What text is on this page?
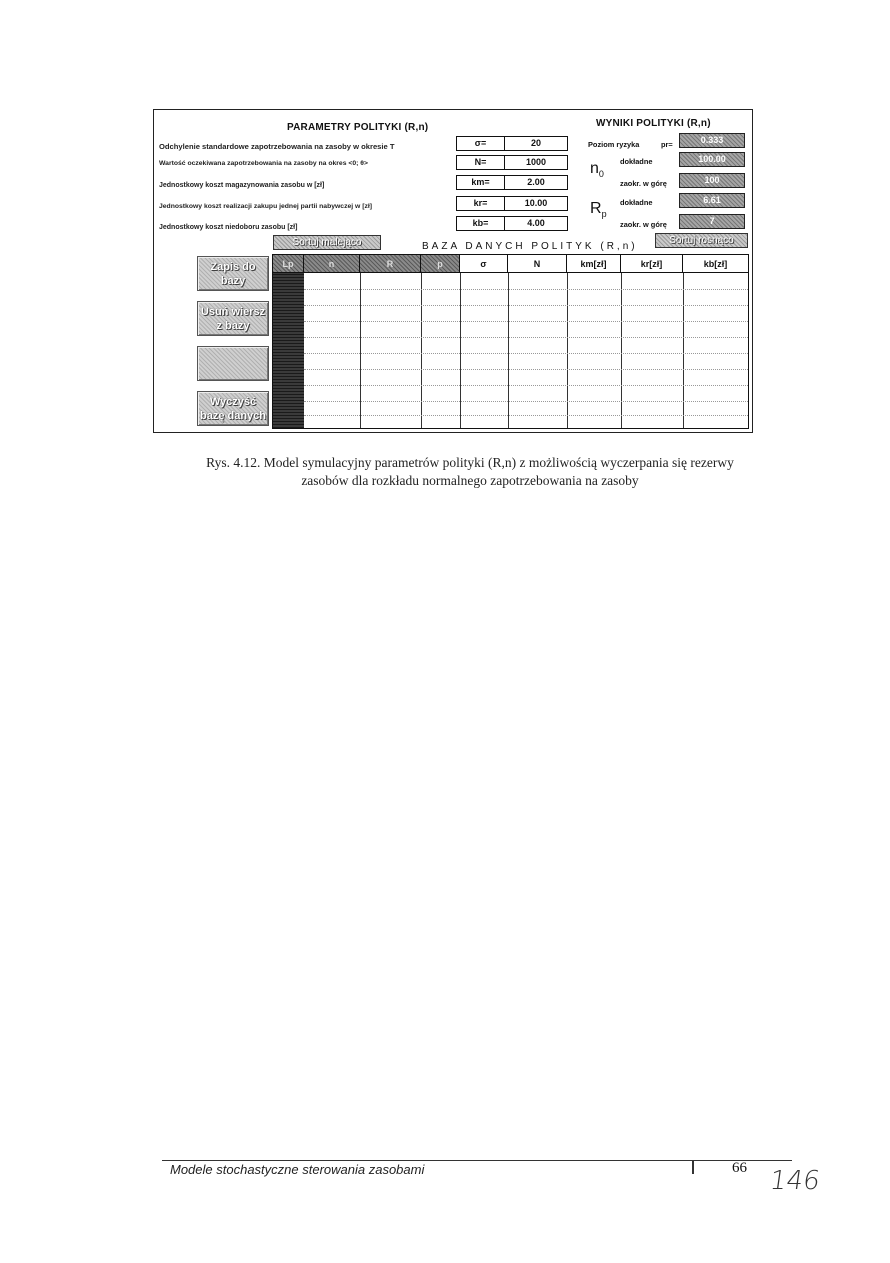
PARAMETRY POLITYKI (R,n)	WYNIKI POLITYKI (R,n)
Odchylenie standardowe zapotrzebowania na zasoby w okresie T	σ=	20
Wartość oczekiwana zapotrzebowania na zasoby na okres <0; θ>	N=	1000
Jednostkowy koszt magazynowania zasobu w [zł]	km=	2.00
Jednostkowy koszt realizacji zakupu jednej partii nabywczej w [zł]	kr=	10.00
Jednostkowy koszt niedoboru zasobu [zł]	kb=	4.00
Poziom ryzyka	pr=	0.333
$n_0$
dokładne	100.00
zaokr. w górę	100
$R_p$
dokładne	6.61
zaokr. w górę	7
Sortuj malejąco	BAZA DANYCH POLITYK (R,n)
Sortuj rosnąco
Zapis do bazy
Usuń wiersz z bazy
Wyczyść bazę danych
Lp	n	R	p	σ	N	km[zł]	kr[zł]	kb[zł]
Rys. 4.12. Model symulacyjny parametrów polityki (R,n) z możliwością wyczerpania się rezerwy
zasobów dla rozkładu normalnego zapotrzebowania na zasoby
Modele stochastyczne sterowania zasobami	66 146
